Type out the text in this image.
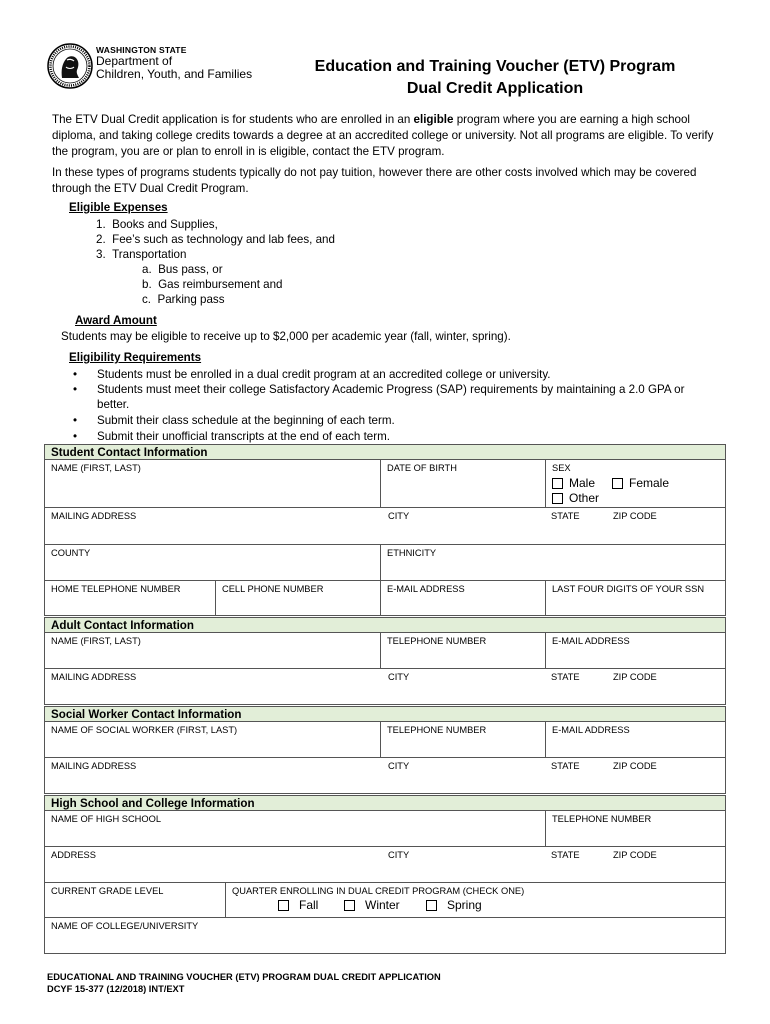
WASHINGTON STATE
Department of
Children, Youth, and Families	Education and Training Voucher (ETV) Program
Dual Credit Application
The ETV Dual Credit application is for students who are enrolled in an eligible program where you are earning a high school diploma, and taking college credits towards a degree at an accredited college or university. Not all programs are eligible. To verify the program, you are or plan to enroll in is eligible, contact the ETV program.
In these types of programs students typically do not pay tuition, however there are other costs involved which may be covered through the ETV Dual Credit Program.
Eligible Expenses
1. Books and Supplies,
2. Fee’s such as technology and lab fees, and
3. Transportation
a. Bus pass, or
b. Gas reimbursement and
c. Parking pass
Award Amount
Students may be eligible to receive up to $2,000 per academic year (fall, winter, spring).
Eligibility Requirements
• Students must be enrolled in a dual credit program at an accredited college or university.
• Students must meet their college Satisfactory Academic Progress (SAP) requirements by maintaining a 2.0 GPA or better.
• Submit their class schedule at the beginning of each term.
• Submit their unofficial transcripts at the end of each term.
Student Contact Information
NAME (FIRST, LAST)	DATE OF BIRTH	SEX
Male	Female
Other
MAILING ADDRESS	CITY	STATE	ZIP CODE
COUNTY	ETHNICITY
HOME TELEPHONE NUMBER	CELL PHONE NUMBER	E-MAIL ADDRESS	LAST FOUR DIGITS OF YOUR SSN
Adult Contact Information
NAME (FIRST, LAST)	TELEPHONE NUMBER	E-MAIL ADDRESS
MAILING ADDRESS	CITY	STATE	ZIP CODE
Social Worker Contact Information
NAME OF SOCIAL WORKER (FIRST, LAST)	TELEPHONE NUMBER	E-MAIL ADDRESS
MAILING ADDRESS	CITY	STATE	ZIP CODE
High School and College Information
NAME OF HIGH SCHOOL	TELEPHONE NUMBER
ADDRESS	CITY	STATE	ZIP CODE
CURRENT GRADE LEVEL	QUARTER ENROLLING IN DUAL CREDIT PROGRAM (CHECK ONE)
Fall	Winter	Spring
NAME OF COLLEGE/UNIVERSITY
EDUCATIONAL AND TRAINING VOUCHER (ETV) PROGRAM DUAL CREDIT APPLICATION
DCYF 15-377 (12/2018) INT/EXT
